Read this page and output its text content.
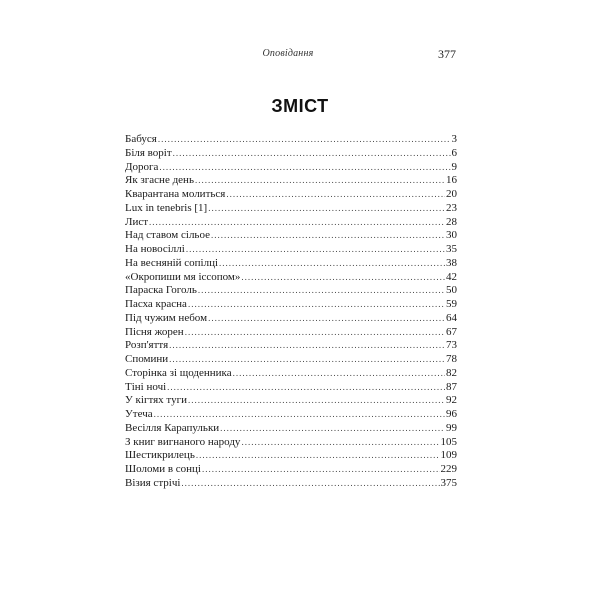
Оповідання	377
ЗМІСТ
Бабуся .....	3
Біля воріт .....	6
Дорога .....	9
Як згасне день .....	16
Кварантана молиться .....	20
Lux in tenebris [1] .....	23
Лист .....	28
Над ставом сільое .....	30
На новосіллі .....	35
На весняній сопілці .....	38
«Окропиши мя іссопом» .....	42
Параска Гоголь .....	50
Пасха красна .....	59
Під чужим небом .....	64
Пісня жорен .....	67
Розп'яття .....	73
Спомини .....	78
Сторінка зі щоденника .....	82
Тіні ночі .....	87
У кігтях туги .....	92
Утеча .....	96
Весілля Карапульки .....	99
З книг вигнаного народу .....	105
Шестикрилець .....	109
Шоломи в сонці .....	229
Візия стрічі .....	375
